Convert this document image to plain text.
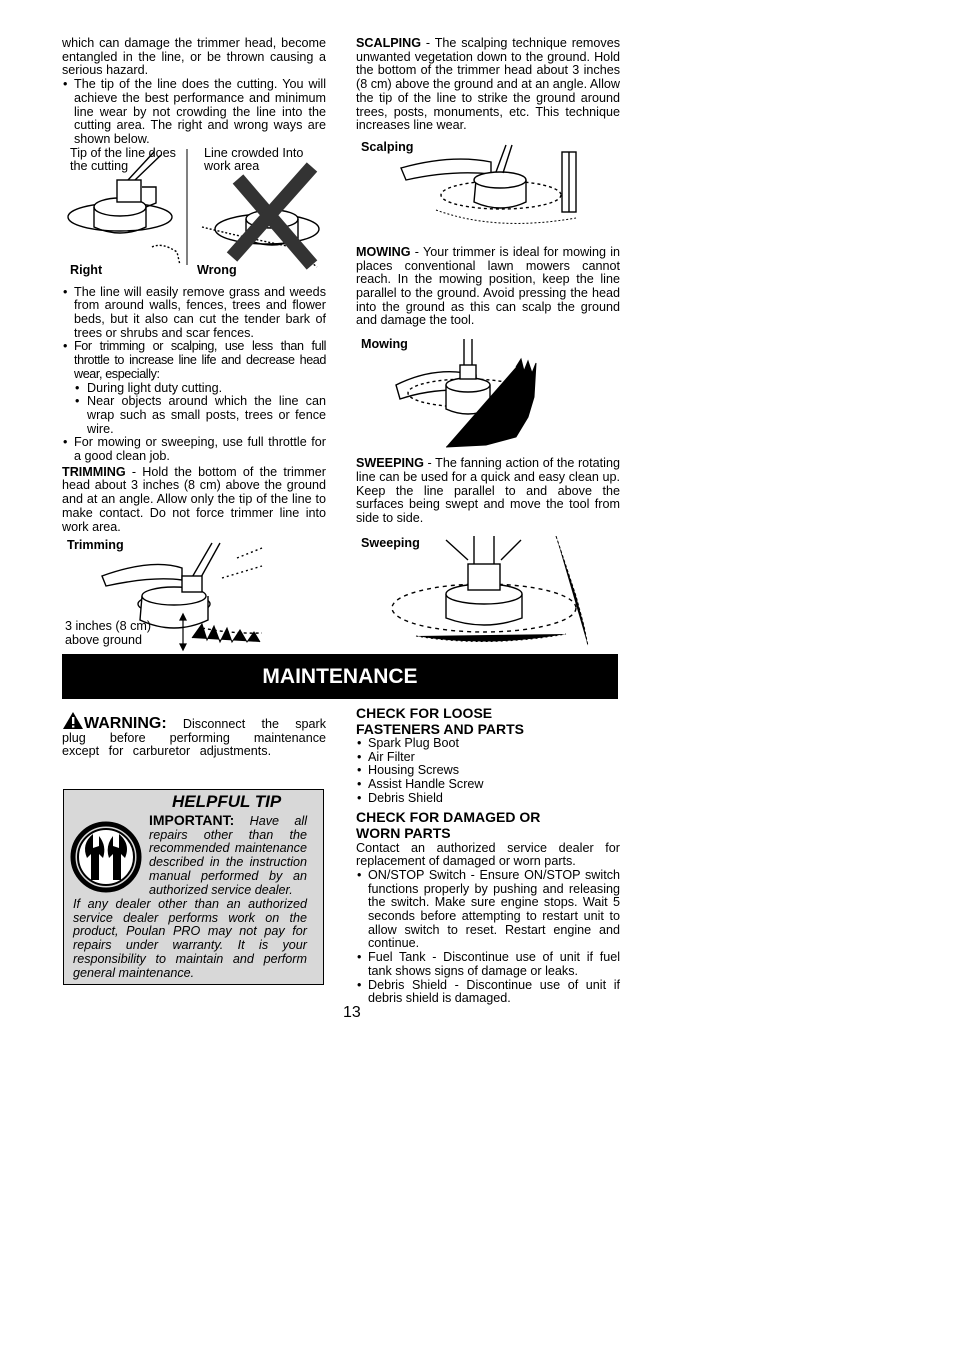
which can damage the trimmer head, become entangled in the line, or be thrown causing a serious hazard.

• The tip of the line does the cutting. You will achieve the best performance and minimum line wear by not crowding the line into the cutting area. The right and wrong ways are shown below.
Tip of the line does the cutting
Line crowded Into work area
Right	Wrong
• The line will easily remove grass and weeds from around walls, fences, trees and flower beds, but it also can cut the tender bark of trees or shrubs and scar fences.
• For trimming or scalping, use less than full throttle to increase line life and decrease head wear, especially:
• During light duty cutting.
• Near objects around which the line can wrap such as small posts, trees or fence wire.
• For mowing or sweeping, use full throttle for a good clean job.

TRIMMING - Hold the bottom of the trimmer head about 3 inches (8 cm) above the ground and at an angle. Allow only the tip of the line to make contact. Do not force trimmer line into work area.

Trimming
3 inches (8 cm)
above ground

SCALPING - The scalping technique removes unwanted vegetation down to the ground. Hold the bottom of the trimmer head about 3 inches (8 cm) above the ground and at an angle. Allow the tip of the line to strike the ground around trees, posts, monuments, etc. This technique increases line wear.

Scalping

MOWING - Your trimmer is ideal for mowing in places conventional lawn mowers cannot reach. In the mowing position, keep the line parallel to the ground. Avoid pressing the head into the ground as this can scalp the ground and damage the tool.

Mowing

SWEEPING - The fanning action of the rotating line can be used for a quick and easy clean up. Keep the line parallel to and above the surfaces being swept and move the tool from side to side.

Sweeping
MAINTENANCE

WARNING: Disconnect the spark plug before performing maintenance except for carburetor adjustments.

HELPFUL TIP
IMPORTANT: Have all repairs other than the recommended maintenance described in the instruction manual performed by an authorized service dealer.
If any dealer other than an authorized service dealer performs work on the product, Poulan PRO may not pay for repairs under warranty. It is your responsibility to maintain and perform general maintenance.
CHECK FOR LOOSE FASTENERS AND PARTS
• Spark Plug Boot
• Air Filter
• Housing Screws
• Assist Handle Screw
• Debris Shield
CHECK FOR DAMAGED OR WORN PARTS

Contact an authorized service dealer for replacement of damaged or worn parts.

• ON/STOP Switch - Ensure ON/STOP switch functions properly by pushing and releasing the switch. Make sure engine stops. Wait 5 seconds before attempting to restart unit to allow switch to reset. Restart engine and continue.
• Fuel Tank - Discontinue use of unit if fuel tank shows signs of damage or leaks.
• Debris Shield - Discontinue use of unit if debris shield is damaged.
13
